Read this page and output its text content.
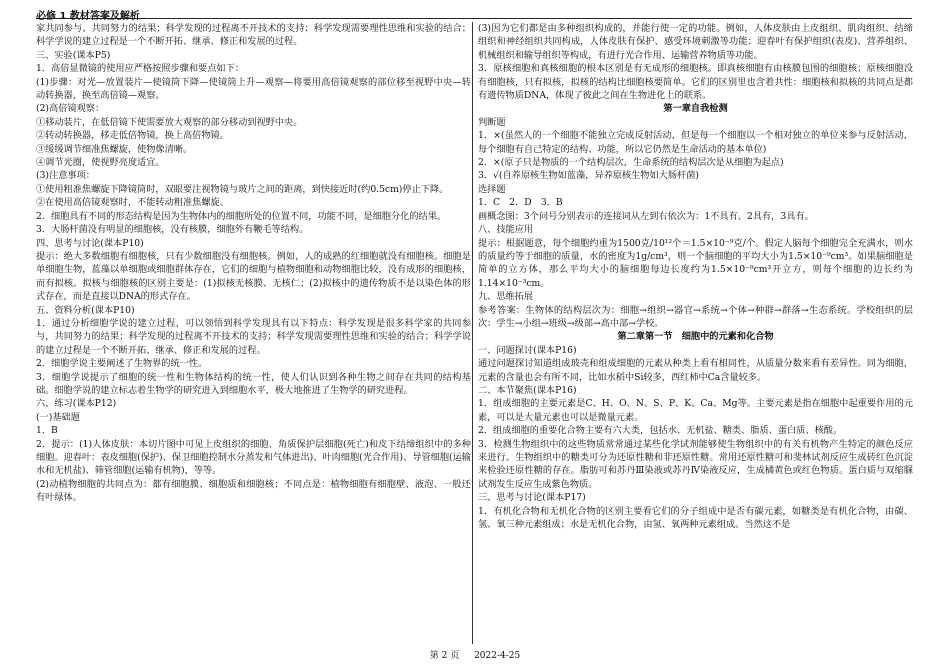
必修 1 教材答案及解析

家共同参与、共同努力的结果；科学发现的过程离不开技术的支持；科学发现需要理性思维和实验的结合；科学学说的建立过程是一个不断开拓、继承、修正和发展的过程。

三、实验(课本P5)

1．高倍显微镜的使用应严格按照步骤和要点如下：

(1)步骤：对光—放置装片—使镜筒下降—使镜筒上升—观察—将要用高倍镜观察的部位移至视野中央—转动转换器，换至高倍镜—观察。

(2)高倍镜观察：

①移动装片，在低倍镜下使需要放大观察的部分移动到视野中央。

②转动转换器，移走低倍物镜，换上高倍物镜。

③缓缓调节细准焦螺旋，使物像清晰。

④调节光圈，使视野亮度适宜。

(3)注意事项：

①使用粗准焦螺旋下降镜筒时，双眼要注视物镜与玻片之间的距离，到快接近时(约0.5cm)停止下降。

②在使用高倍镜观察时，不能转动粗准焦螺旋。

2．细胞具有不同的形态结构是因为生物体内的细胞所处的位置不同，功能不同，是细胞分化的结果。

3．大肠杆菌没有明显的细胞核，没有核膜，细胞外有鞭毛等结构。

四、思考与讨论(课本P10)

提示：绝大多数细胞有细胞核，只有少数细胞没有细胞核。例如，人的成熟的红细胞就没有细胞核。细胞是单细胞生物，蓝藻以单细胞或细胞群体存在，它们的细胞与植物细胞和动物细胞比较，没有成形的细胞核，而有拟核。拟核与细胞核的区别主要是：(1)拟核无核膜、无核仁；(2)拟核中的遗传物质不是以染色体的形式存在，而是直接以DNA的形式存在。

五、资料分析(课本P10)

1．通过分析细胞学说的建立过程，可以领悟到科学发现具有以下特点：科学发现是很多科学家的共同参与，共同努力的结果；科学发现的过程离不开技术的支持；科学发现需要理性思维和实验的结合；科学学说的建立过程是一个不断开拓、继承、修正和发展的过程。

2．细胞学说主要阐述了生物界的统一性。

3．细胞学说提示了细胞的统一性和生物体结构的统一性，使人们认识到各种生物之间存在共同的结构基础。细胞学说的建立标志着生物学的研究进入到细胞水平，极大地推进了生物学的研究进程。

六、练习(课本P12)

(一)基础题

1．B

2．提示：(1)人体皮肤：本切片图中可见上皮组织的细胞、角质保护层细胞(死亡)和皮下结缔组织中的多种细胞。迎春叶：表皮细胞(保护)、保卫细胞控制水分蒸发和气体进出)、叶肉细胞(光合作用)、导管细胞(运输水和无机盐)、筛管细胞(运输有机物)，等等。

(2)动植物细胞的共同点为：都有细胞膜、细胞质和细胞核；不同点是：植物细胞有细胞壁、液泡、一般还有叶绿体。

(3)因为它们都是由多种组织构成的，并能行使一定的功能。例如，人体皮肤由上皮组织、肌肉组织、结缔组织和神经组织共同构成，人体皮肤有保护、感受环境刺激等功能；迎春叶有保护组织(表皮)、营养组织、机械组织和输导组织等构成，有进行光合作用、运输营养物质等功能。

3．原核细胞和真核细胞的根本区别是有无成形的细胞核。即真核细胞有由核膜包围的细胞核；原核细胞没有细胞核，只有拟核，拟核的结构比细胞核要简单。它们的区别里也含着共性：细胞核和拟核的共同点是都有遗传物质DNA，体现了彼此之间在生物进化上的联系。

第一章自我检测

判断题

1．×(虽然人的一个细胞不能独立完成反射活动，但是每一个细胞以一个相对独立的单位来参与反射活动，每个细胞有自己特定的结构、功能，所以它仍然是生命活动的基本单位)

2．×(原子只是物质的一个结构层次，生命系统的结构层次是从细胞为起点)

3．√(自养原核生物如蓝藻，异养原核生物如大肠杆菌)

选择题

1．C　2．D　3．B

画概念图：3个问号分别表示的连接词从左到右依次为：1不具有、2具有，3具有。

八、技能应用

提示：根据题意，每个细胞约重为1500克/10¹²个＝1.5×10⁻⁹克/个。假定人脑每个细胞完全充满水，则水的质量约等于细胞的质量，水的密度为1g/cm³，则一个脑细胞的平均大小为1.5×10⁻⁹cm³。如果脑细胞是简单的立方体，那么平均大小的脑细胞每边长度约为1.5×10⁻⁹cm³开立方，则每个细胞的边长约为1.14×10⁻³cm。

九、思维拓展

参考答案：生物体的结构层次为：细胞→组织→器官→系统→个体→种群→群落→生态系统。学校组织的层次：学生→小组→班级→级部→高中部→学校。

第二章第一节　细胞中的元素和化合物

一、问题探讨(课本P16)

通过问题探讨知道组成玻壳和组成细胞的元素从种类上看有相同性，从质量分数来看有差异性。同为细胞，元素的含量也会有所不同，比如水稻中Si较多，西红柿中Ca含量较多。

二、本节聚焦(课本P16)

1．组成细胞的主要元素是C、H、O、N、S、P、K、Ca、Mg等。主要元素是指在细胞中起重要作用的元素，可以是大量元素也可以是微量元素。

2．组成细胞的重要化合物主要有六大类，包括水、无机盐、糖类、脂质、蛋白质、核酸。

3．检测生物组织中的这些物质常常通过某些化学试剂能够使生物组织中的有关有机物产生特定的颜色反应来进行。生物组织中的糖类可分为还原性糖和非还原性糖。常用还原性糖可和斐林试剂反应生成砖红色沉淀来检验还原性糖的存在。脂肪可和苏丹Ⅲ染液或苏丹Ⅳ染液反应，生成橘黄色或红色物质。蛋白质与双缩脲试剂发生反应生成紫色物质。

三、思考与讨论(课本P17)

1．有机化合物和无机化合物的区别主要看它们的分子组成中是否有碳元素，如糖类是有机化合物，由碳、氢、氧三种元素组成；水是无机化合物，由氢、氧两种元素组成。当然这不是

第 2 页 2022-4-25
